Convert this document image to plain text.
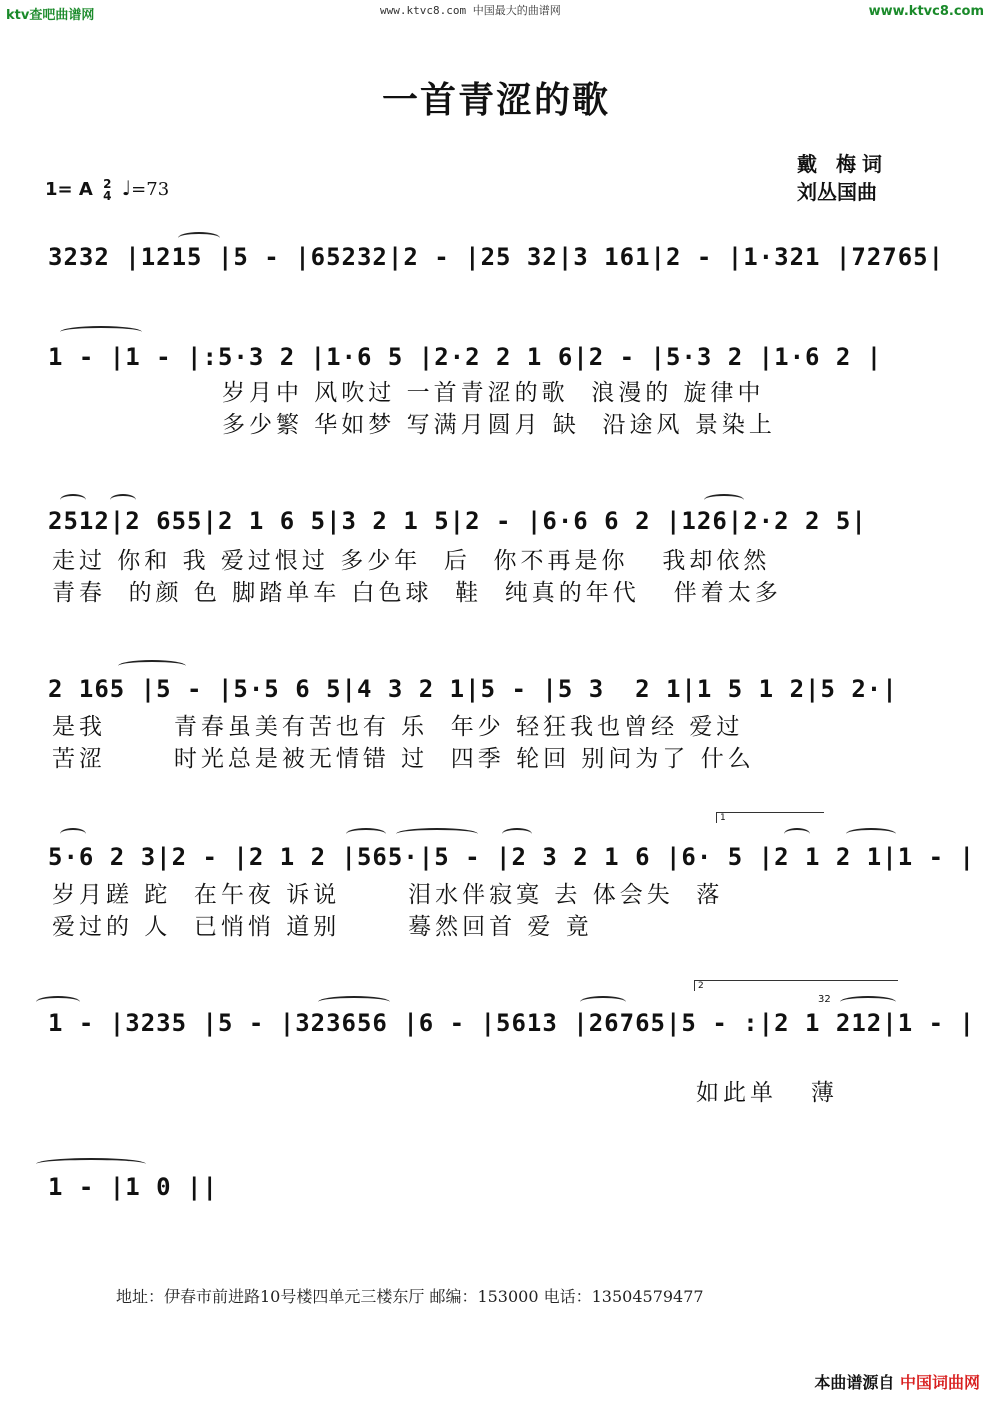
ktv查吧曲谱网	www.ktvc8.com 中国最大的曲谱网	www.ktvc8.com
一首青涩的歌
戴 梅词
刘丛国曲
1= A 2
4 ♩=73
3232 |1215 |5 - |65232|2 - |25 32|3 161|2 - |1·321 |72765|
1 - |1 - |:5·3 2 |1·6 5 |2·2 2 1 6|2 - |5·3 2 |1·6 2 |
岁月中 风吹过 一首青涩的歌  浪漫的 旋律中
多少繁 华如梦 写满月圆月 缺  沿途风 景染上
2512|2 655|2 1 6 5|3 2 1 5|2 - |6·6 6 2 |126|2·2 2 5|
走过 你和 我 爱过恨过 多少年  后  你不再是你   我却依然
青春  的颜 色 脚踏单车 白色球  鞋  纯真的年代   伴着太多
2 165 |5 - |5·5 6 5|4 3 2 1|5 - |5 3  2 1|1 5 1 2|5 2·|
是我      青春虽美有苦也有 乐  年少 轻狂我也曾经 爱过
苦涩      时光总是被无情错 过  四季 轮回 别问为了 什么
1
5·6 2 3|2 - |2 1 2 |565·|5 - |2 3 2 1 6 |6· 5 |2 1 2 1|1 - |
岁月蹉 跎  在午夜 诉说      泪水伴寂寞 去 体会失  落
爱过的 人  已悄悄 道别      蓦然回首 爱 竟
2
32
1 - |3235 |5 - |323656 |6 - |5613 |26765|5 - :|2 1 212|1 - |
如此单   薄
1 - |1 0 ||
地址：伊春市前进路10号楼四单元三楼东厅 邮编：153000 电话：13504579477
本曲谱源自 中国词曲网
